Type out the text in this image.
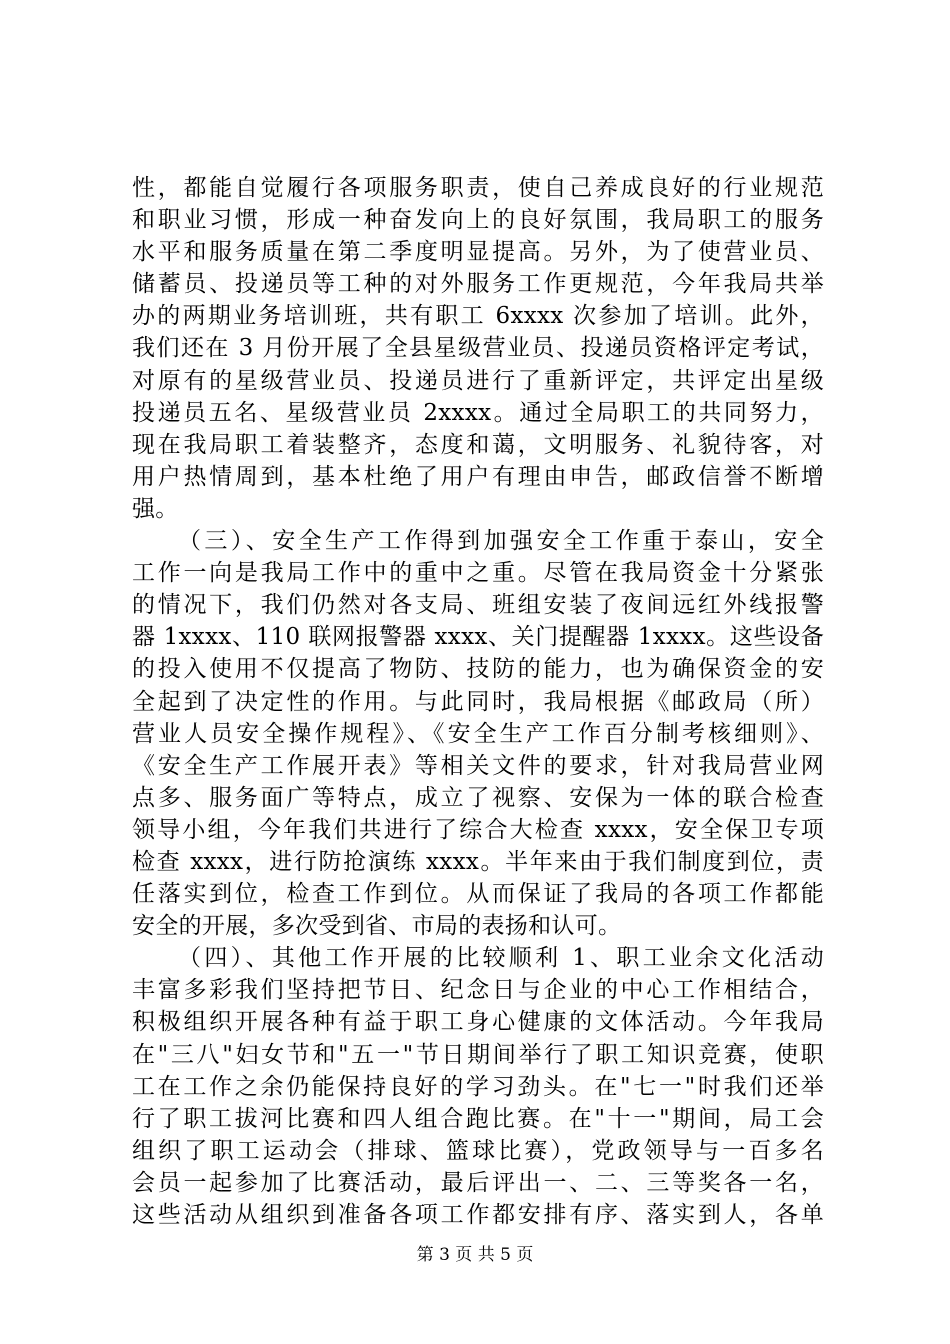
性，都能自觉履行各项服务职责，使自己养成良好的行业规范
和职业习惯，形成一种奋发向上的良好氛围，我局职工的服务
水平和服务质量在第二季度明显提高。另外，为了使营业员、
储蓄员、投递员等工种的对外服务工作更规范，今年我局共举
办的两期业务培训班，共有职工 6xxxx 次参加了培训。此外，
我们还在 3 月份开展了全县星级营业员、投递员资格评定考试，
对原有的星级营业员、投递员进行了重新评定，共评定出星级
投递员五名、星级营业员 2xxxx。通过全局职工的共同努力，
现在我局职工着装整齐，态度和蔼，文明服务、礼貌待客，对
用户热情周到，基本杜绝了用户有理由申告，邮政信誉不断增
强。
（三）、安全生产工作得到加强安全工作重于泰山，安全
工作一向是我局工作中的重中之重。尽管在我局资金十分紧张
的情况下，我们仍然对各支局、班组安装了夜间远红外线报警
器 1xxxx、110 联网报警器 xxxx、关门提醒器 1xxxx。这些设备
的投入使用不仅提高了物防、技防的能力，也为确保资金的安
全起到了决定性的作用。与此同时，我局根据《邮政局（所）
营业人员安全操作规程》、《安全生产工作百分制考核细则》、
《安全生产工作展开表》等相关文件的要求，针对我局营业网
点多、服务面广等特点，成立了视察、安保为一体的联合检查
领导小组，今年我们共进行了综合大检查 xxxx，安全保卫专项
检查 xxxx，进行防抢演练 xxxx。半年来由于我们制度到位，责
任落实到位，检查工作到位。从而保证了我局的各项工作都能
安全的开展，多次受到省、市局的表扬和认可。
（四）、其他工作开展的比较顺利 1、职工业余文化活动
丰富多彩我们坚持把节日、纪念日与企业的中心工作相结合，
积极组织开展各种有益于职工身心健康的文体活动。今年我局
在"三八"妇女节和"五一"节日期间举行了职工知识竞赛，使职
工在工作之余仍能保持良好的学习劲头。在"七一"时我们还举
行了职工拔河比赛和四人组合跑比赛。在"十一"期间，局工会
组织了职工运动会（排球、篮球比赛），党政领导与一百多名
会员一起参加了比赛活动，最后评出一、二、三等奖各一名，
这些活动从组织到准备各项工作都安排有序、落实到人，各单
第 3 页 共 5 页
